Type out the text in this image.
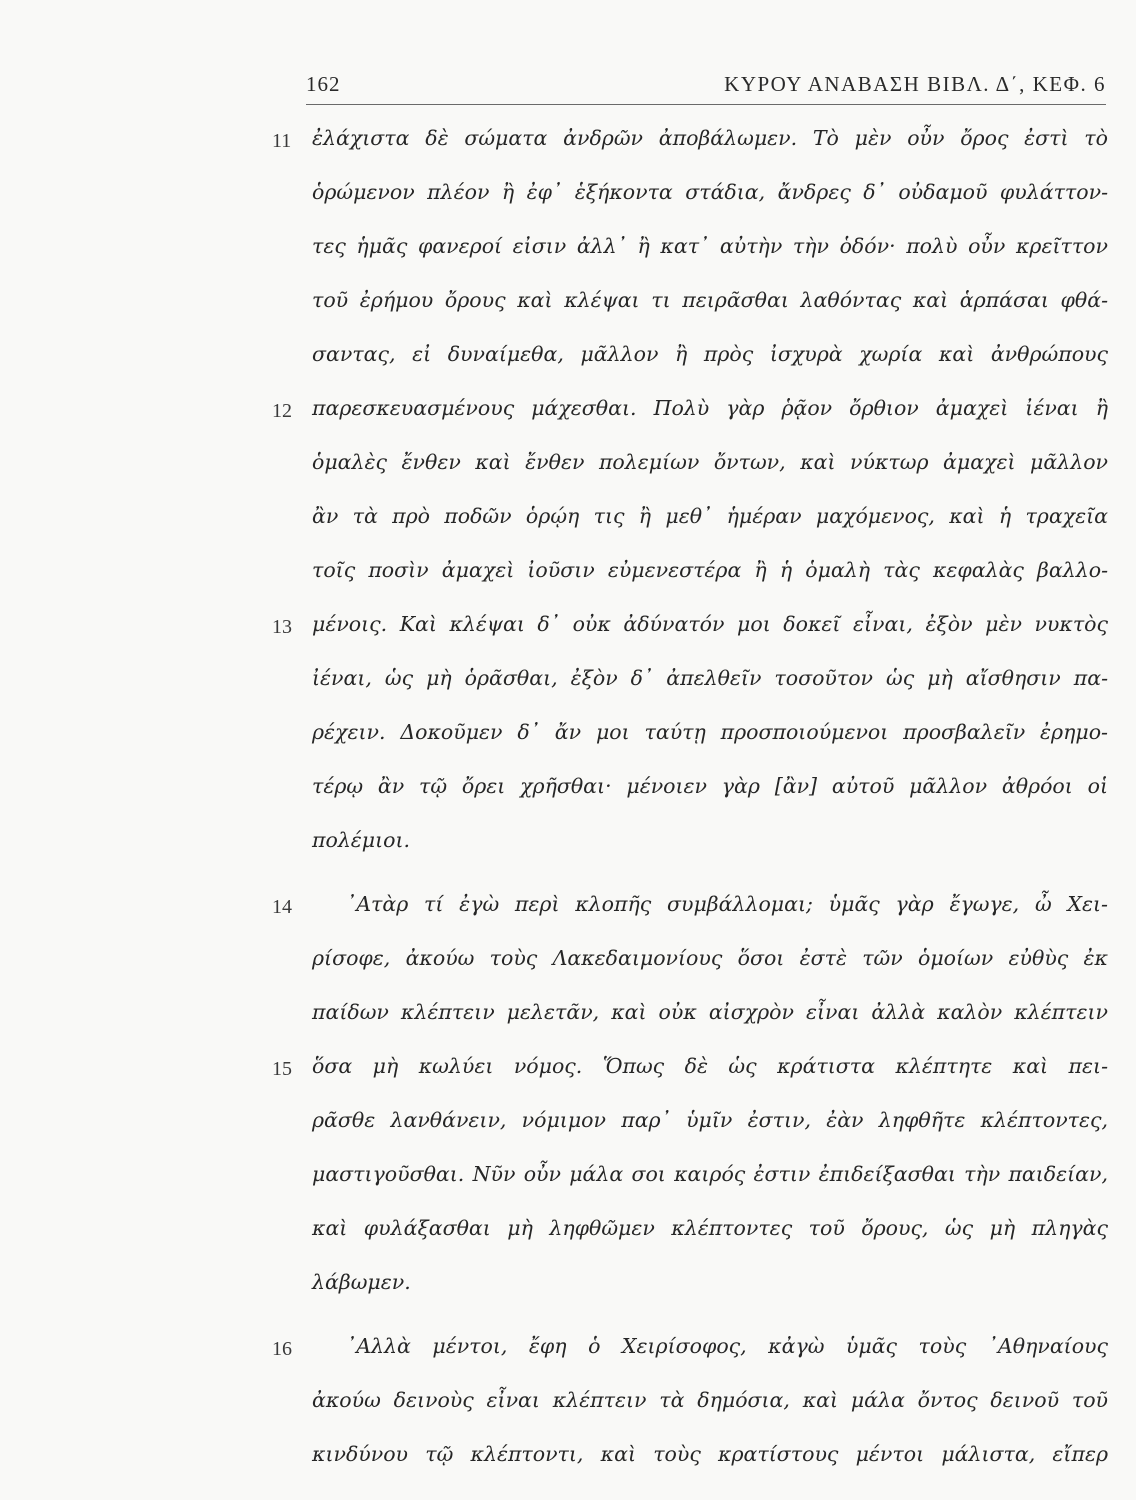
162	ΚΥΡΟΥ ΑΝΑΒΑΣΗ ΒΙΒΛ. Δ΄, ΚΕΦ. 6
11 ἐλάχιστα δὲ σώματα ἀνδρῶν ἀποβάλωμεν. Τὸ μὲν οὖν ὄρος ἐστὶ τὸ
ὁρώμενον πλέον ἢ ἐφ᾿ ἑξήκοντα στάδια, ἄνδρες δ᾿ οὐδαμοῦ φυλάττον-
τες ἡμᾶς φανεροί εἰσιν ἀλλ᾿ ἢ κατ᾿ αὐτὴν τὴν ὁδόν· πολὺ οὖν κρεῖττον
τοῦ ἐρήμου ὄρους καὶ κλέψαι τι πειρᾶσθαι λαθόντας καὶ ἁρπάσαι φθά-
σαντας, εἰ δυναίμεθα, μᾶλλον ἢ πρὸς ἰσχυρὰ χωρία καὶ ἀνθρώπους
12 παρεσκευασμένους μάχεσθαι. Πολὺ γὰρ ῥᾷον ὄρθιον ἀμαχεὶ ἰέναι ἢ
ὁμαλὲς ἔνθεν καὶ ἔνθεν πολεμίων ὄντων, καὶ νύκτωρ ἀμαχεὶ μᾶλλον
ἂν τὰ πρὸ ποδῶν ὁρῴη τις ἢ μεθ᾿ ἡμέραν μαχόμενος, καὶ ἡ τραχεῖα
τοῖς ποσὶν ἀμαχεὶ ἰοῦσιν εὐμενεστέρα ἢ ἡ ὁμαλὴ τὰς κεφαλὰς βαλλο-
13 μένοις. Καὶ κλέψαι δ᾿ οὐκ ἀδύνατόν μοι δοκεῖ εἶναι, ἐξὸν μὲν νυκτὸς
ἰέναι, ὡς μὴ ὁρᾶσθαι, ἐξὸν δ᾿ ἀπελθεῖν τοσοῦτον ὡς μὴ αἴσθησιν πα-
ρέχειν. Δοκοῦμεν δ᾿ ἄν μοι ταύτῃ προσποιούμενοι προσβαλεῖν ἐρημο-
τέρῳ ἂν τῷ ὄρει χρῆσθαι· μένοιεν γὰρ [ἂν] αὐτοῦ μᾶλλον ἀθρόοι οἱ
πολέμιοι.
14	᾿Ατὰρ τί ἐγὼ περὶ κλοπῆς συμβάλλομαι; ὑμᾶς γὰρ ἔγωγε, ὦ Χει-
ρίσοφε, ἀκούω τοὺς Λακεδαιμονίους ὅσοι ἐστὲ τῶν ὁμοίων εὐθὺς ἐκ
παίδων κλέπτειν μελετᾶν, καὶ οὐκ αἰσχρὸν εἶναι ἀλλὰ καλὸν κλέπτειν
15 ὅσα μὴ κωλύει νόμος. Ὅπως δὲ ὡς κράτιστα κλέπτητε καὶ πει-
ρᾶσθε λανθάνειν, νόμιμον παρ᾿ ὑμῖν ἐστιν, ἐὰν ληφθῆτε κλέπτοντες,
μαστιγοῦσθαι. Νῦν οὖν μάλα σοι καιρός ἐστιν ἐπιδείξασθαι τὴν παιδείαν,
καὶ φυλάξασθαι μὴ ληφθῶμεν κλέπτοντες τοῦ ὄρους, ὡς μὴ πληγὰς
λάβωμεν.
16	᾿Αλλὰ μέντοι, ἔφη ὁ Χειρίσοφος, κἀγὼ ὑμᾶς τοὺς ᾿Αθηναίους
ἀκούω δεινοὺς εἶναι κλέπτειν τὰ δημόσια, καὶ μάλα ὄντος δεινοῦ τοῦ
κινδύνου τῷ κλέπτοντι, καὶ τοὺς κρατίστους μέντοι μάλιστα, εἴπερ
